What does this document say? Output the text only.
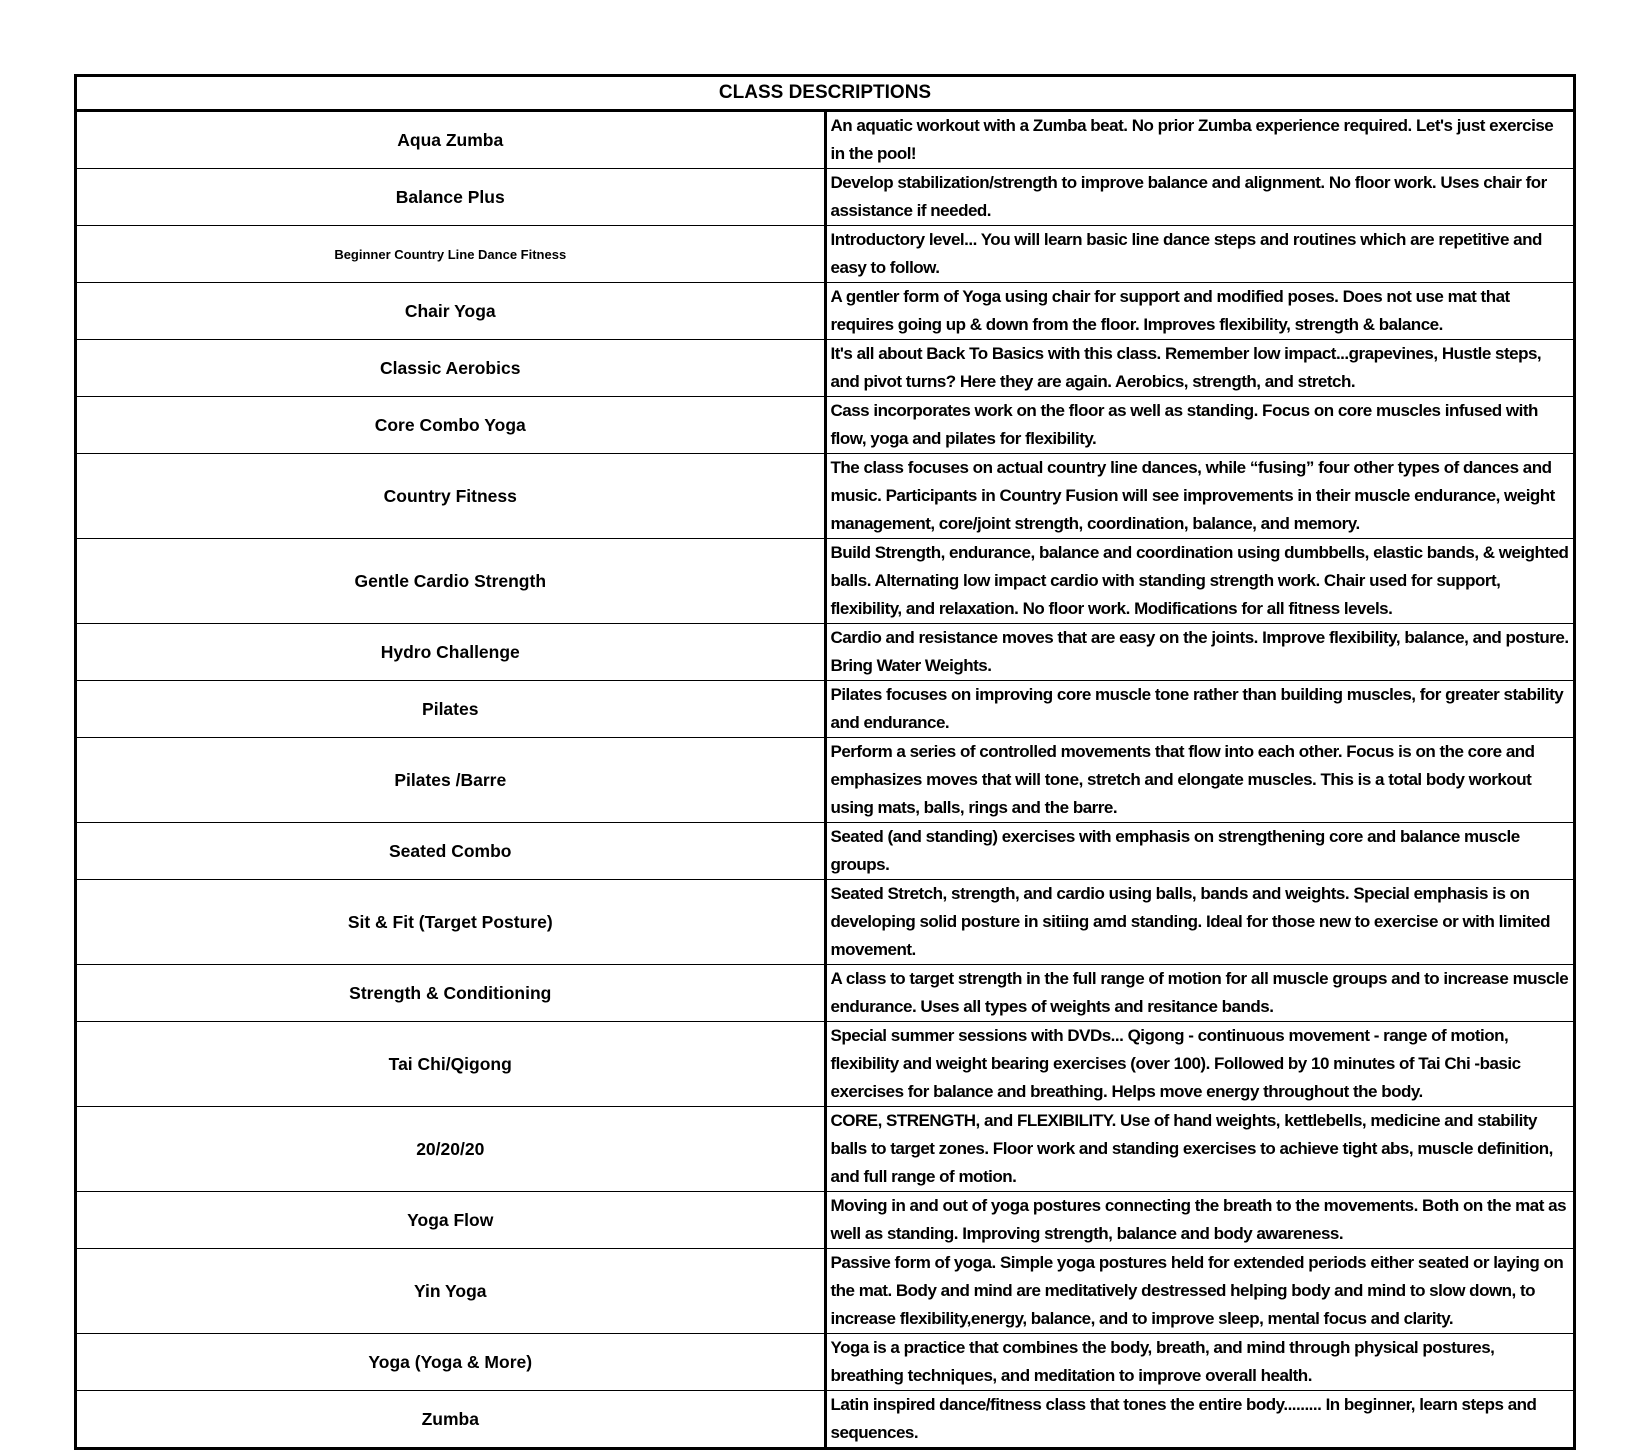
CLASS DESCRIPTIONS	
Aqua Zumba	An aquatic workout with a Zumba beat. No prior Zumba experience required. Let's just exercise in the pool!
Balance Plus	Develop stabilization/strength to improve balance and alignment. No floor work. Uses chair for assistance if needed.
Beginner Country Line Dance Fitness	Introductory level... You will learn basic line dance steps and routines which are repetitive and easy to follow.
Chair Yoga	A gentler form of Yoga using chair for support and modified poses. Does not use mat that requires going up & down from the floor. Improves flexibility, strength & balance.
Classic Aerobics	It's all about Back To Basics with this class. Remember low impact...grapevines, Hustle steps, and pivot turns? Here they are again. Aerobics, strength, and stretch.
Core Combo Yoga	Cass incorporates work on the floor as well as standing. Focus on core muscles infused with flow, yoga and pilates for flexibility.
Country Fitness	The class focuses on actual country line dances, while “fusing” four other types of dances and music. Participants in Country Fusion will see improvements in their muscle endurance, weight management, core/joint strength, coordination, balance, and memory.
Gentle Cardio Strength	Build Strength, endurance, balance and coordination using dumbbells, elastic bands, & weighted balls. Alternating low impact cardio with standing strength work. Chair used for support, flexibility, and relaxation. No floor work. Modifications for all fitness levels.
Hydro Challenge	Cardio and resistance moves that are easy on the joints. Improve flexibility, balance, and posture. Bring Water Weights.
Pilates	Pilates focuses on improving core muscle tone rather than building muscles, for greater stability and endurance.
Pilates /Barre	Perform a series of controlled movements that flow into each other. Focus is on the core and emphasizes moves that will tone, stretch and elongate muscles. This is a total body workout using mats, balls, rings and the barre.
Seated Combo	Seated (and standing) exercises with emphasis on strengthening core and balance muscle groups.
Sit & Fit (Target Posture)	Seated Stretch, strength, and cardio using balls, bands and weights. Special emphasis is on developing solid posture in sitiing amd standing. Ideal for those new to exercise or with limited movement.
Strength & Conditioning	A class to target strength in the full range of motion for all muscle groups and to increase muscle endurance. Uses all types of weights and resitance bands.
Tai Chi/Qigong	Special summer sessions with DVDs... Qigong - continuous movement - range of motion, flexibility and weight bearing exercises (over 100). Followed by 10 minutes of Tai Chi -basic exercises for balance and breathing. Helps move energy throughout the body.
20/20/20	CORE, STRENGTH, and FLEXIBILITY. Use of hand weights, kettlebells, medicine and stability balls to target zones. Floor work and standing exercises to achieve tight abs, muscle definition, and full range of motion.
Yoga Flow	Moving in and out of yoga postures connecting the breath to the movements. Both on the mat as well as standing. Improving strength, balance and body awareness.
Yin Yoga	Passive form of yoga. Simple yoga postures held for extended periods either seated or laying on the mat. Body and mind are meditatively destressed helping body and mind to slow down, to increase flexibility,energy, balance, and to improve sleep, mental focus and clarity.
Yoga (Yoga & More)	Yoga is a practice that combines the body, breath, and mind through physical postures, breathing techniques, and meditation to improve overall health.
Zumba	Latin inspired dance/fitness class that tones the entire body......... In beginner, learn steps and sequences.
